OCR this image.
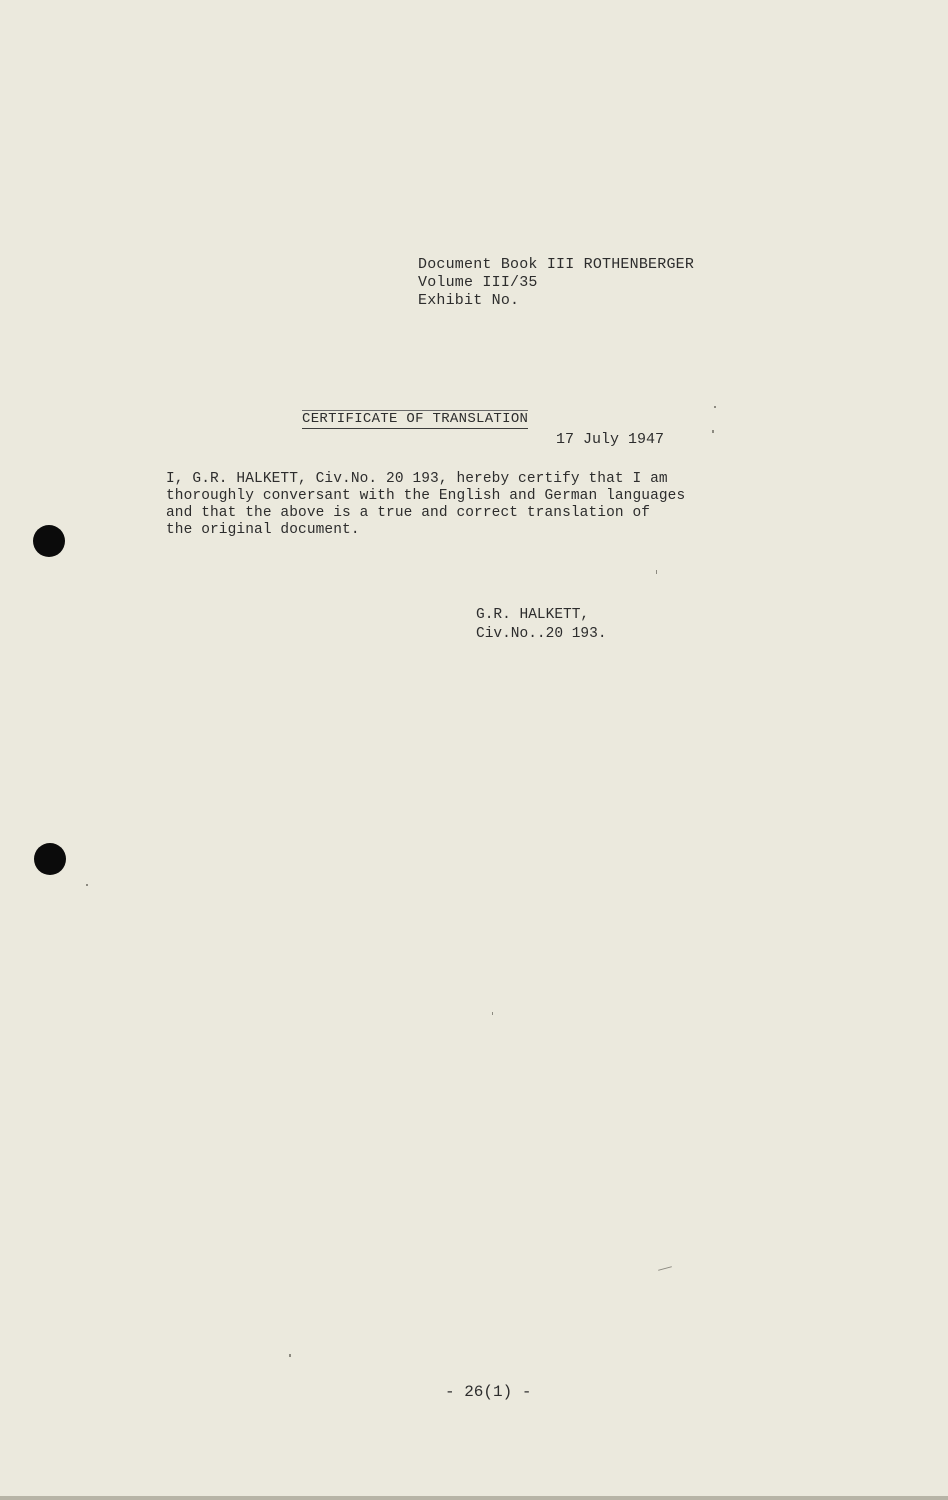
Document Book III ROTHENBERGER
Volume III/35
Exhibit No.
CERTIFICATE OF TRANSLATION
17 July 1947
I, G.R. HALKETT, Civ.No. 20 193, hereby certify that I am
thoroughly conversant with the English and German languages
and that the above is a true and correct translation of
the original document.
G.R. HALKETT,
Civ.No..20 193.
- 26(1) -
